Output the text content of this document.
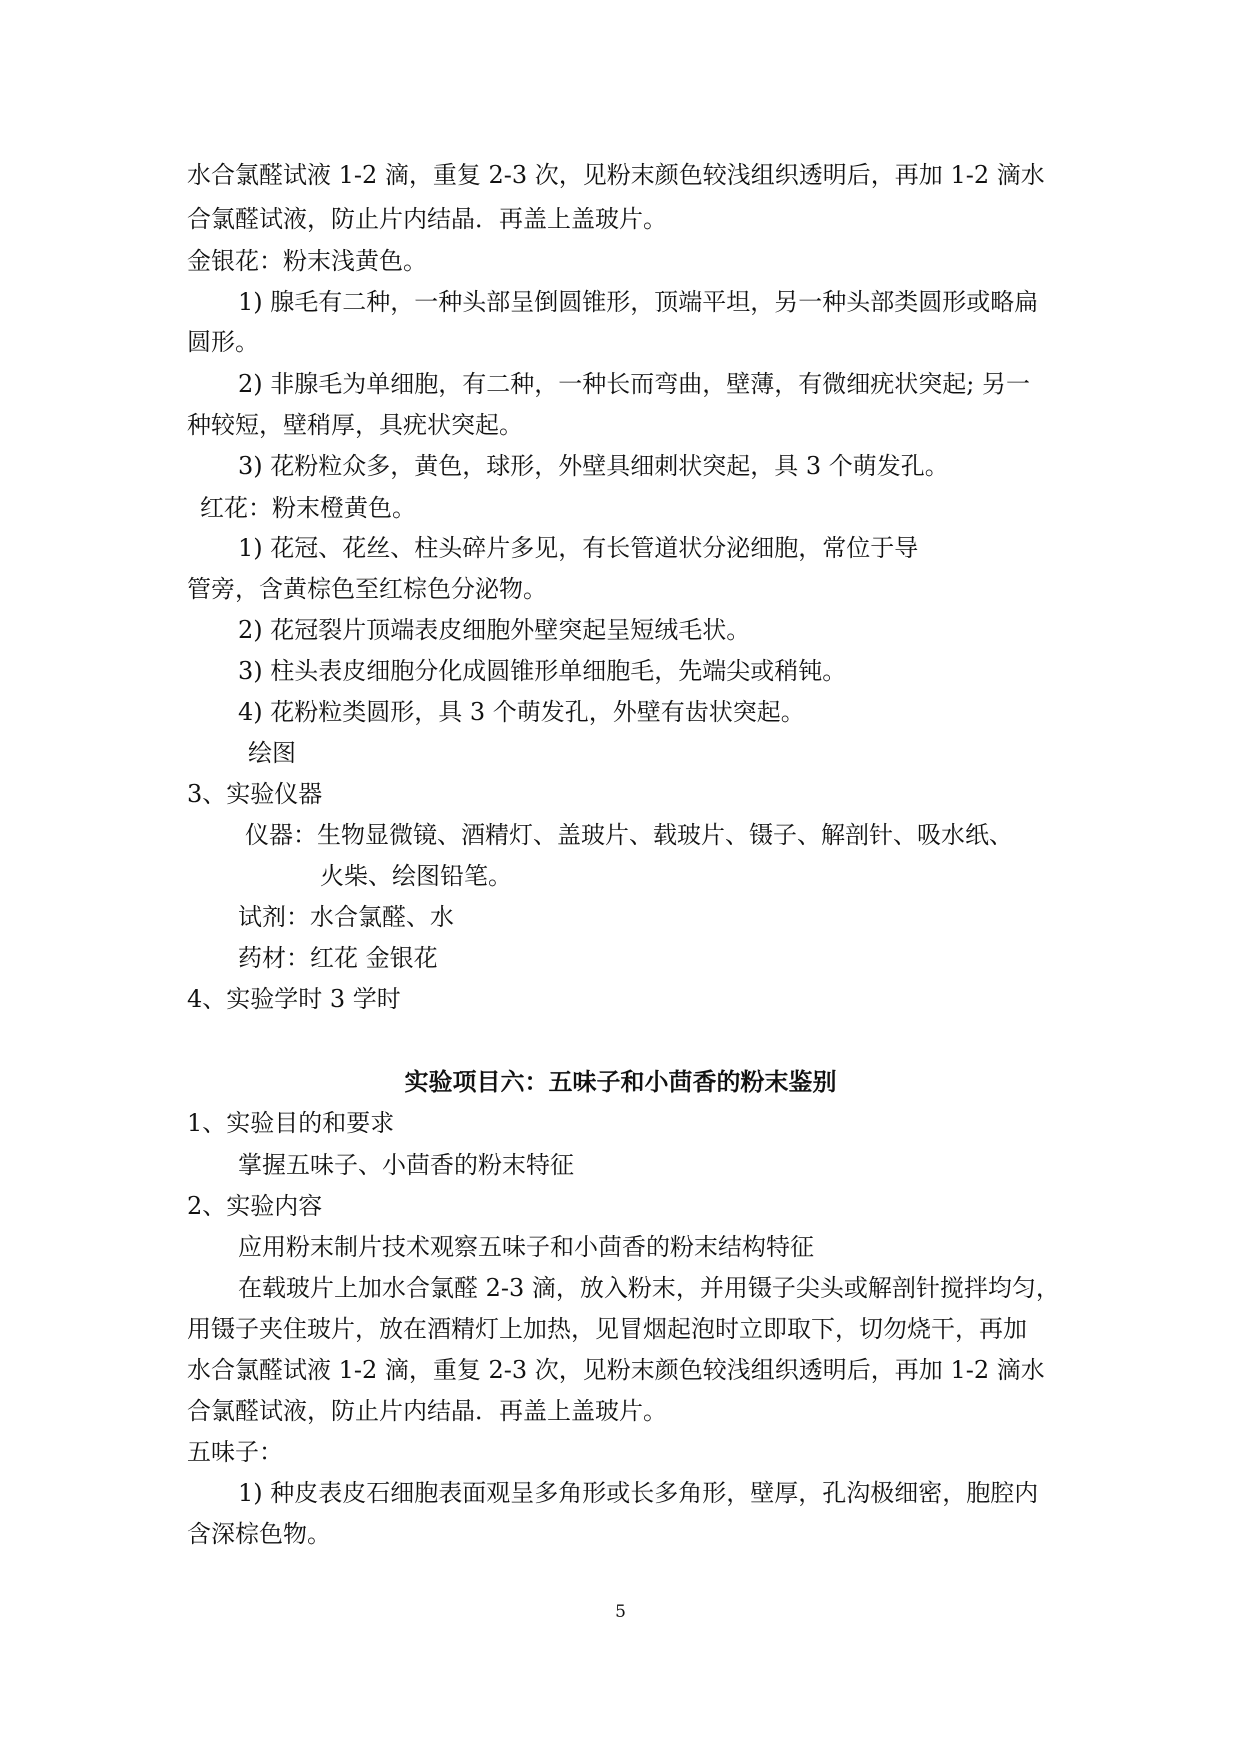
水合氯醛试液 1-2 滴，重复 2-3 次，见粉末颜色较浅组织透明后，再加 1-2 滴水
合氯醛试液，防止片内结晶．再盖上盖玻片。
金银花：粉末浅黄色。
1) 腺毛有二种，一种头部呈倒圆锥形，顶端平坦，另一种头部类圆形或略扁
圆形。
2) 非腺毛为单细胞，有二种，一种长而弯曲，壁薄，有微细疣状突起; 另一
种较短，壁稍厚，具疣状突起。
3) 花粉粒众多，黄色，球形，外壁具细刺状突起，具 3 个萌发孔。
红花：粉末橙黄色。
1) 花冠、花丝、柱头碎片多见，有长管道状分泌细胞，常位于导
管旁，含黄棕色至红棕色分泌物。
2) 花冠裂片顶端表皮细胞外壁突起呈短绒毛状。
3) 柱头表皮细胞分化成圆锥形单细胞毛，先端尖或稍钝。
4) 花粉粒类圆形，具 3 个萌发孔，外壁有齿状突起。
绘图
3、实验仪器
仪器：生物显微镜、酒精灯、盖玻片、载玻片、镊子、解剖针、吸水纸、
火柴、绘图铅笔。
试剂：水合氯醛、水
药材：红花 金银花
4、实验学时 3 学时
实验项目六：五味子和小茴香的粉末鉴别
1、实验目的和要求
掌握五味子、小茴香的粉末特征
2、实验内容
应用粉末制片技术观察五味子和小茴香的粉末结构特征
在载玻片上加水合氯醛 2-3 滴，放入粉末，并用镊子尖头或解剖针搅拌均匀，
用镊子夹住玻片，放在酒精灯上加热，见冒烟起泡时立即取下，切勿烧干，再加
水合氯醛试液 1-2 滴，重复 2-3 次，见粉末颜色较浅组织透明后，再加 1-2 滴水
合氯醛试液，防止片内结晶．再盖上盖玻片。
五味子：
1) 种皮表皮石细胞表面观呈多角形或长多角形，壁厚，孔沟极细密，胞腔内
含深棕色物。
5
